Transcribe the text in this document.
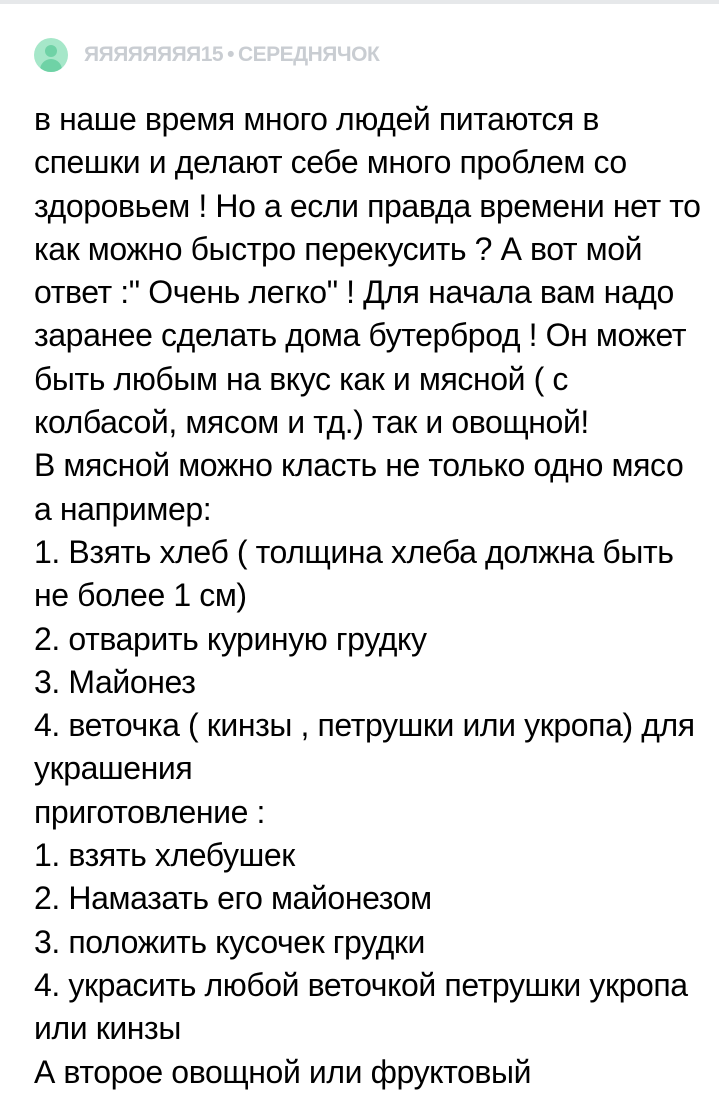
ЯЯЯЯЯЯЯЯ15 • СЕРЕДНЯЧОК
в наше время много людей питаются в спешки и делают себе много проблем со здоровьем ! Но а если правда времени нет то как можно быстро перекусить ? А вот мой ответ :" Очень легко" ! Для начала вам надо заранее сделать дома бутерброд ! Он может быть любым на вкус как и мясной ( с колбасой, мясом и тд.) так и овощной!
В мясной можно класть не только одно мясо а например:
1. Взять хлеб ( толщина хлеба должна быть не более 1 см)
2. отварить куриную грудку
3. Майонез
4. веточка ( кинзы , петрушки или укропа) для украшения
приготовление :
1. взять хлебушек
2. Намазать его майонезом
3. положить кусочек грудки
4. украсить любой веточкой петрушки укропа или кинзы
А второе овощной или фруктовый
